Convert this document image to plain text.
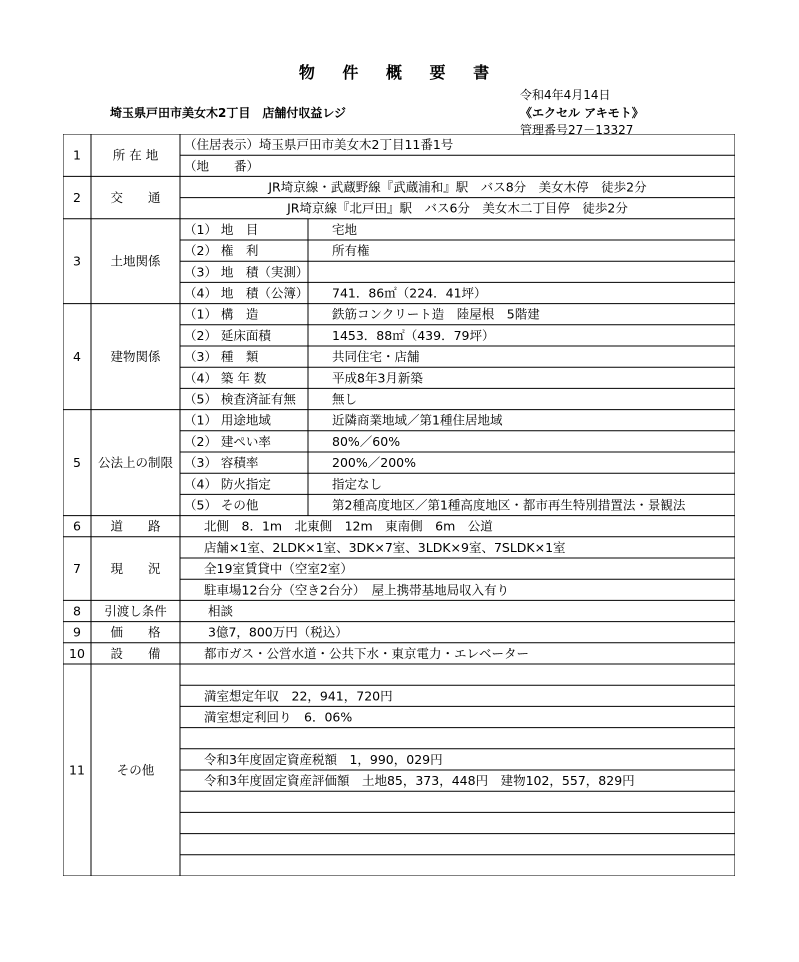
物 件 概 要 書
令和4年4月14日
埼玉県戸田市美女木2丁目　店舗付収益レジ	《エクセル アキモト》
管理番号27－13327
1	所 在 地
（住居表示）埼玉県戸田市美女木2丁目11番1号
（地　　番）
2 交　　通
JR埼京線・武蔵野線『武蔵浦和』駅　バス8分　美女木停　徒歩2分
JR埼京線『北戸田』駅　バス6分　美女木二丁目停　徒歩2分
3 土地関係
（1） 地　目	宅地
（2） 権　利	所有権
（3） 地　積（実測）
（4） 地　積（公簿） 741．86㎡（224．41坪）
4 建物関係
（1） 構　造	鉄筋コンクリート造　陸屋根　5階建
（2） 延床面積	1453．88㎡（439．79坪）
（3） 種　類	共同住宅・店舗
（4） 築 年 数	平成8年3月新築
（5） 検査済証有無	無し
5 公法上の制限
（1） 用途地域	近隣商業地域／第1種住居地域
（2） 建ぺい率	80%／60%
（3） 容積率	200%／200%
（4） 防火指定	指定なし
（5） その他	第2種高度地区／第1種高度地区・都市再生特別措置法・景観法
6 道　　路	北側　8．1m　北東側　12m　東南側　6m　公道
7 現　　況
店舗×1室、2LDK×1室、3DK×7室、3LDK×9室、7SLDK×1室
全19室賃貸中（空室2室）
駐車場12台分（空き2台分）　屋上携帯基地局収入有り
8 引渡し条件	相談
9 価　　格	3億7，800万円（税込）
10 設　　備	都市ガス・公営水道・公共下水・東京電力・エレベーター
11	その他
満室想定年収　22，941，720円
満室想定利回り　6．06%
令和3年度固定資産税額　1，990，029円
令和3年度固定資産評価額　土地85，373，448円　建物102，557，829円
